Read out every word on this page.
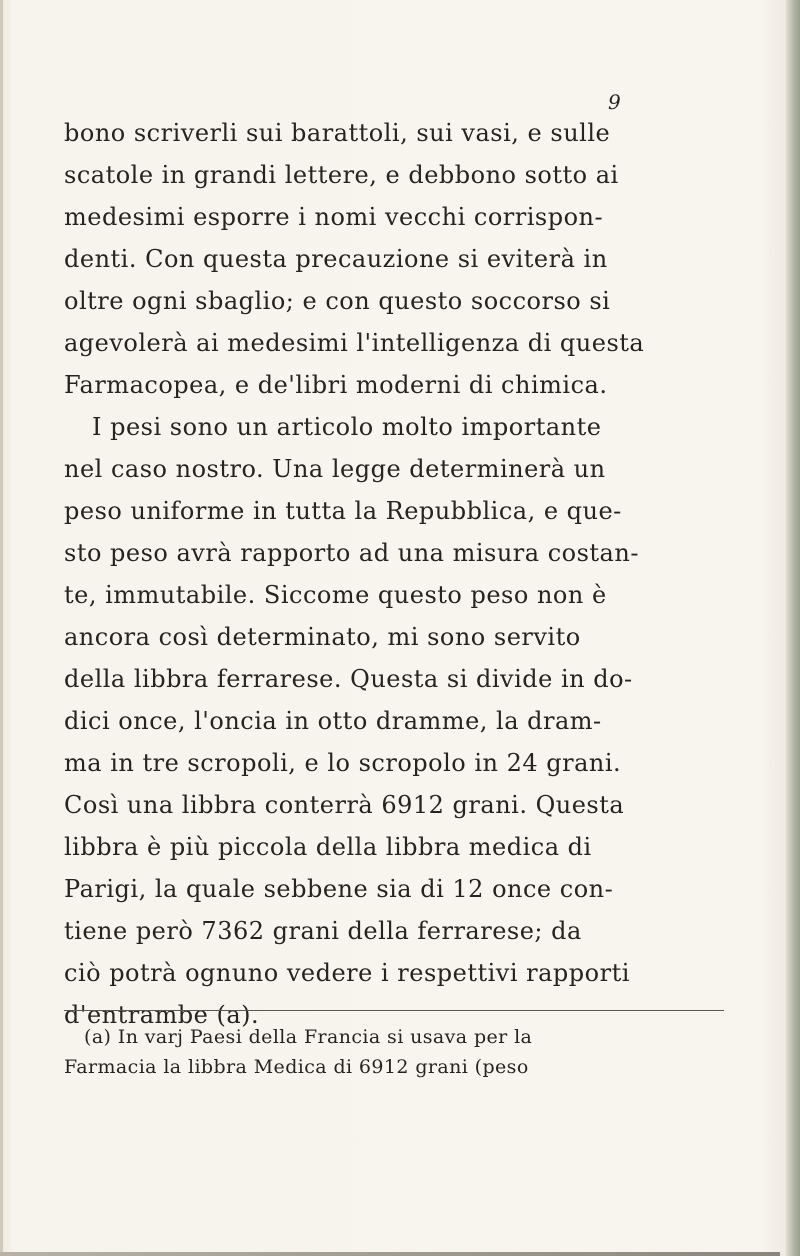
9
bono scriverli sui barattoli, sui vasi, e sulle
scatole in grandi lettere, e debbono sotto ai
medesimi esporre i nomi vecchi corrispon-
denti. Con questa precauzione si eviterà in
oltre ogni sbaglio; e con questo soccorso si
agevolerà ai medesimi l'intelligenza di questa
Farmacopea, e de'libri moderni di chimica.
I pesi sono un articolo molto importante
nel caso nostro. Una legge determinerà un
peso uniforme in tutta la Repubblica, e que-
sto peso avrà rapporto ad una misura costan-
te, immutabile. Siccome questo peso non è
ancora così determinato, mi sono servito
della libbra ferrarese. Questa si divide in do-
dici once, l'oncia in otto dramme, la dram-
ma in tre scropoli, e lo scropolo in 24 grani.
Così una libbra conterrà 6912 grani. Questa
libbra è più piccola della libbra medica di
Parigi, la quale sebbene sia di 12 once con-
tiene però 7362 grani della ferrarese; da
ciò potrà ognuno vedere i respettivi rapporti
d'entrambe (a).
(a) In varj Paesi della Francia si usava per la
Farmacia la libbra Medica di 6912 grani (peso
